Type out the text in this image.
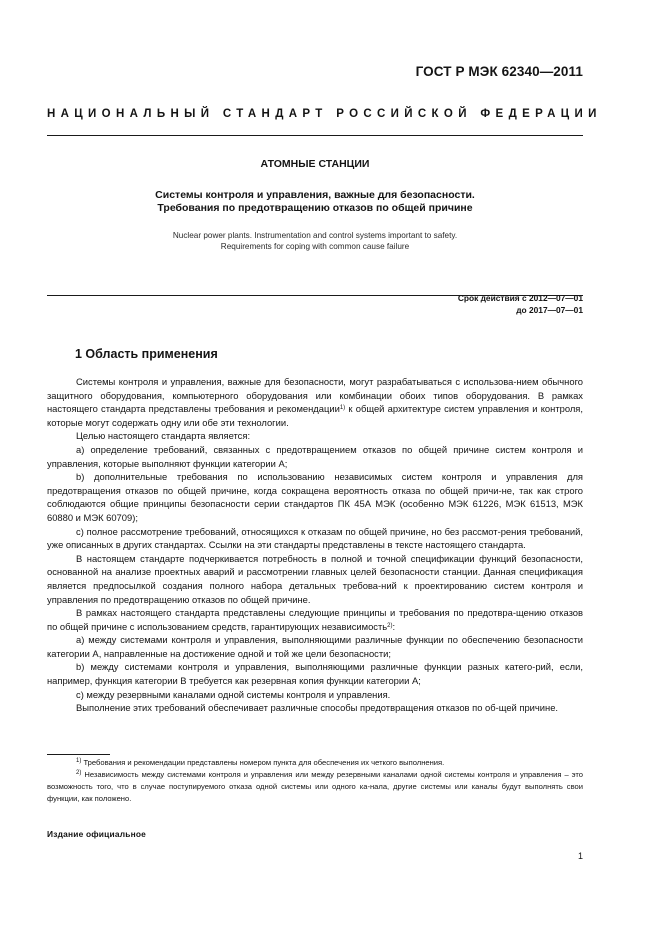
ГОСТ Р МЭК 62340—2011
НАЦИОНАЛЬНЫЙ СТАНДАРТ РОССИЙСКОЙ ФЕДЕРАЦИИ
АТОМНЫЕ СТАНЦИИ
Системы контроля и управления, важные для безопасности.
Требования по предотвращению отказов по общей причине
Nuclear power plants. Instrumentation and control systems important to safety.
Requirements for coping with common cause failure
Срок действия с 2012—07—01
до 2017—07—01
1 Область применения

Системы контроля и управления, важные для безопасности, могут разрабатываться с использова-нием обычного защитного оборудования, компьютерного оборудования или комбинации обоих типов оборудования. В рамках настоящего стандарта представлены требования и рекомендации$^{1)}$ к общей архитектуре систем управления и контроля, которые могут содержать одну или обе эти технологии.

Целью настоящего стандарта является:

а) определение требований, связанных с предотвращением отказов по общей причине систем контроля и управления, которые выполняют функции категории А;

b) дополнительные требования по использованию независимых систем контроля и управления для предотвращения отказов по общей причине, когда сокращена вероятность отказа по общей причи-не, так как строго соблюдаются общие принципы безопасности серии стандартов ПК 45А МЭК (особенно МЭК 61226, МЭК 61513, МЭК 60880 и МЭК 60709);

с) полное рассмотрение требований, относящихся к отказам по общей причине, но без рассмот-рения требований, уже описанных в других стандартах. Ссылки на эти стандарты представлены в тексте настоящего стандарта.

В настоящем стандарте подчеркивается потребность в полной и точной спецификации функций безопасности, основанной на анализе проектных аварий и рассмотрении главных целей безопасности станции. Данная спецификация является предпосылкой создания полного набора детальных требова-ний к проектированию систем контроля и управления по предотвращению отказов по общей причине.

В рамках настоящего стандарта представлены следующие принципы и требования по предотвра-щению отказов по общей причине с использованием средств, гарантирующих независимость$^{2)}$:

а) между системами контроля и управления, выполняющими различные функции по обеспечению безопасности категории А, направленные на достижение одной и той же цели безопасности;

b) между системами контроля и управления, выполняющими различные функции разных катего-рий, если, например, функция категории В требуется как резервная копия функции категории А;

с) между резервными каналами одной системы контроля и управления.

Выполнение этих требований обеспечивает различные способы предотвращения отказов по об-щей причине.

$^{1)}$ Требования и рекомендации представлены номером пункта для обеспечения их четкого выполнения.

$^{2)}$ Независимость между системами контроля и управления или между резервными каналами одной системы контроля и управления – это возможность того, что в случае поступируемого отказа одной системы или одного ка-нала, другие системы или каналы будут выполнять свои функции, как положено.

Издание официальное
1
